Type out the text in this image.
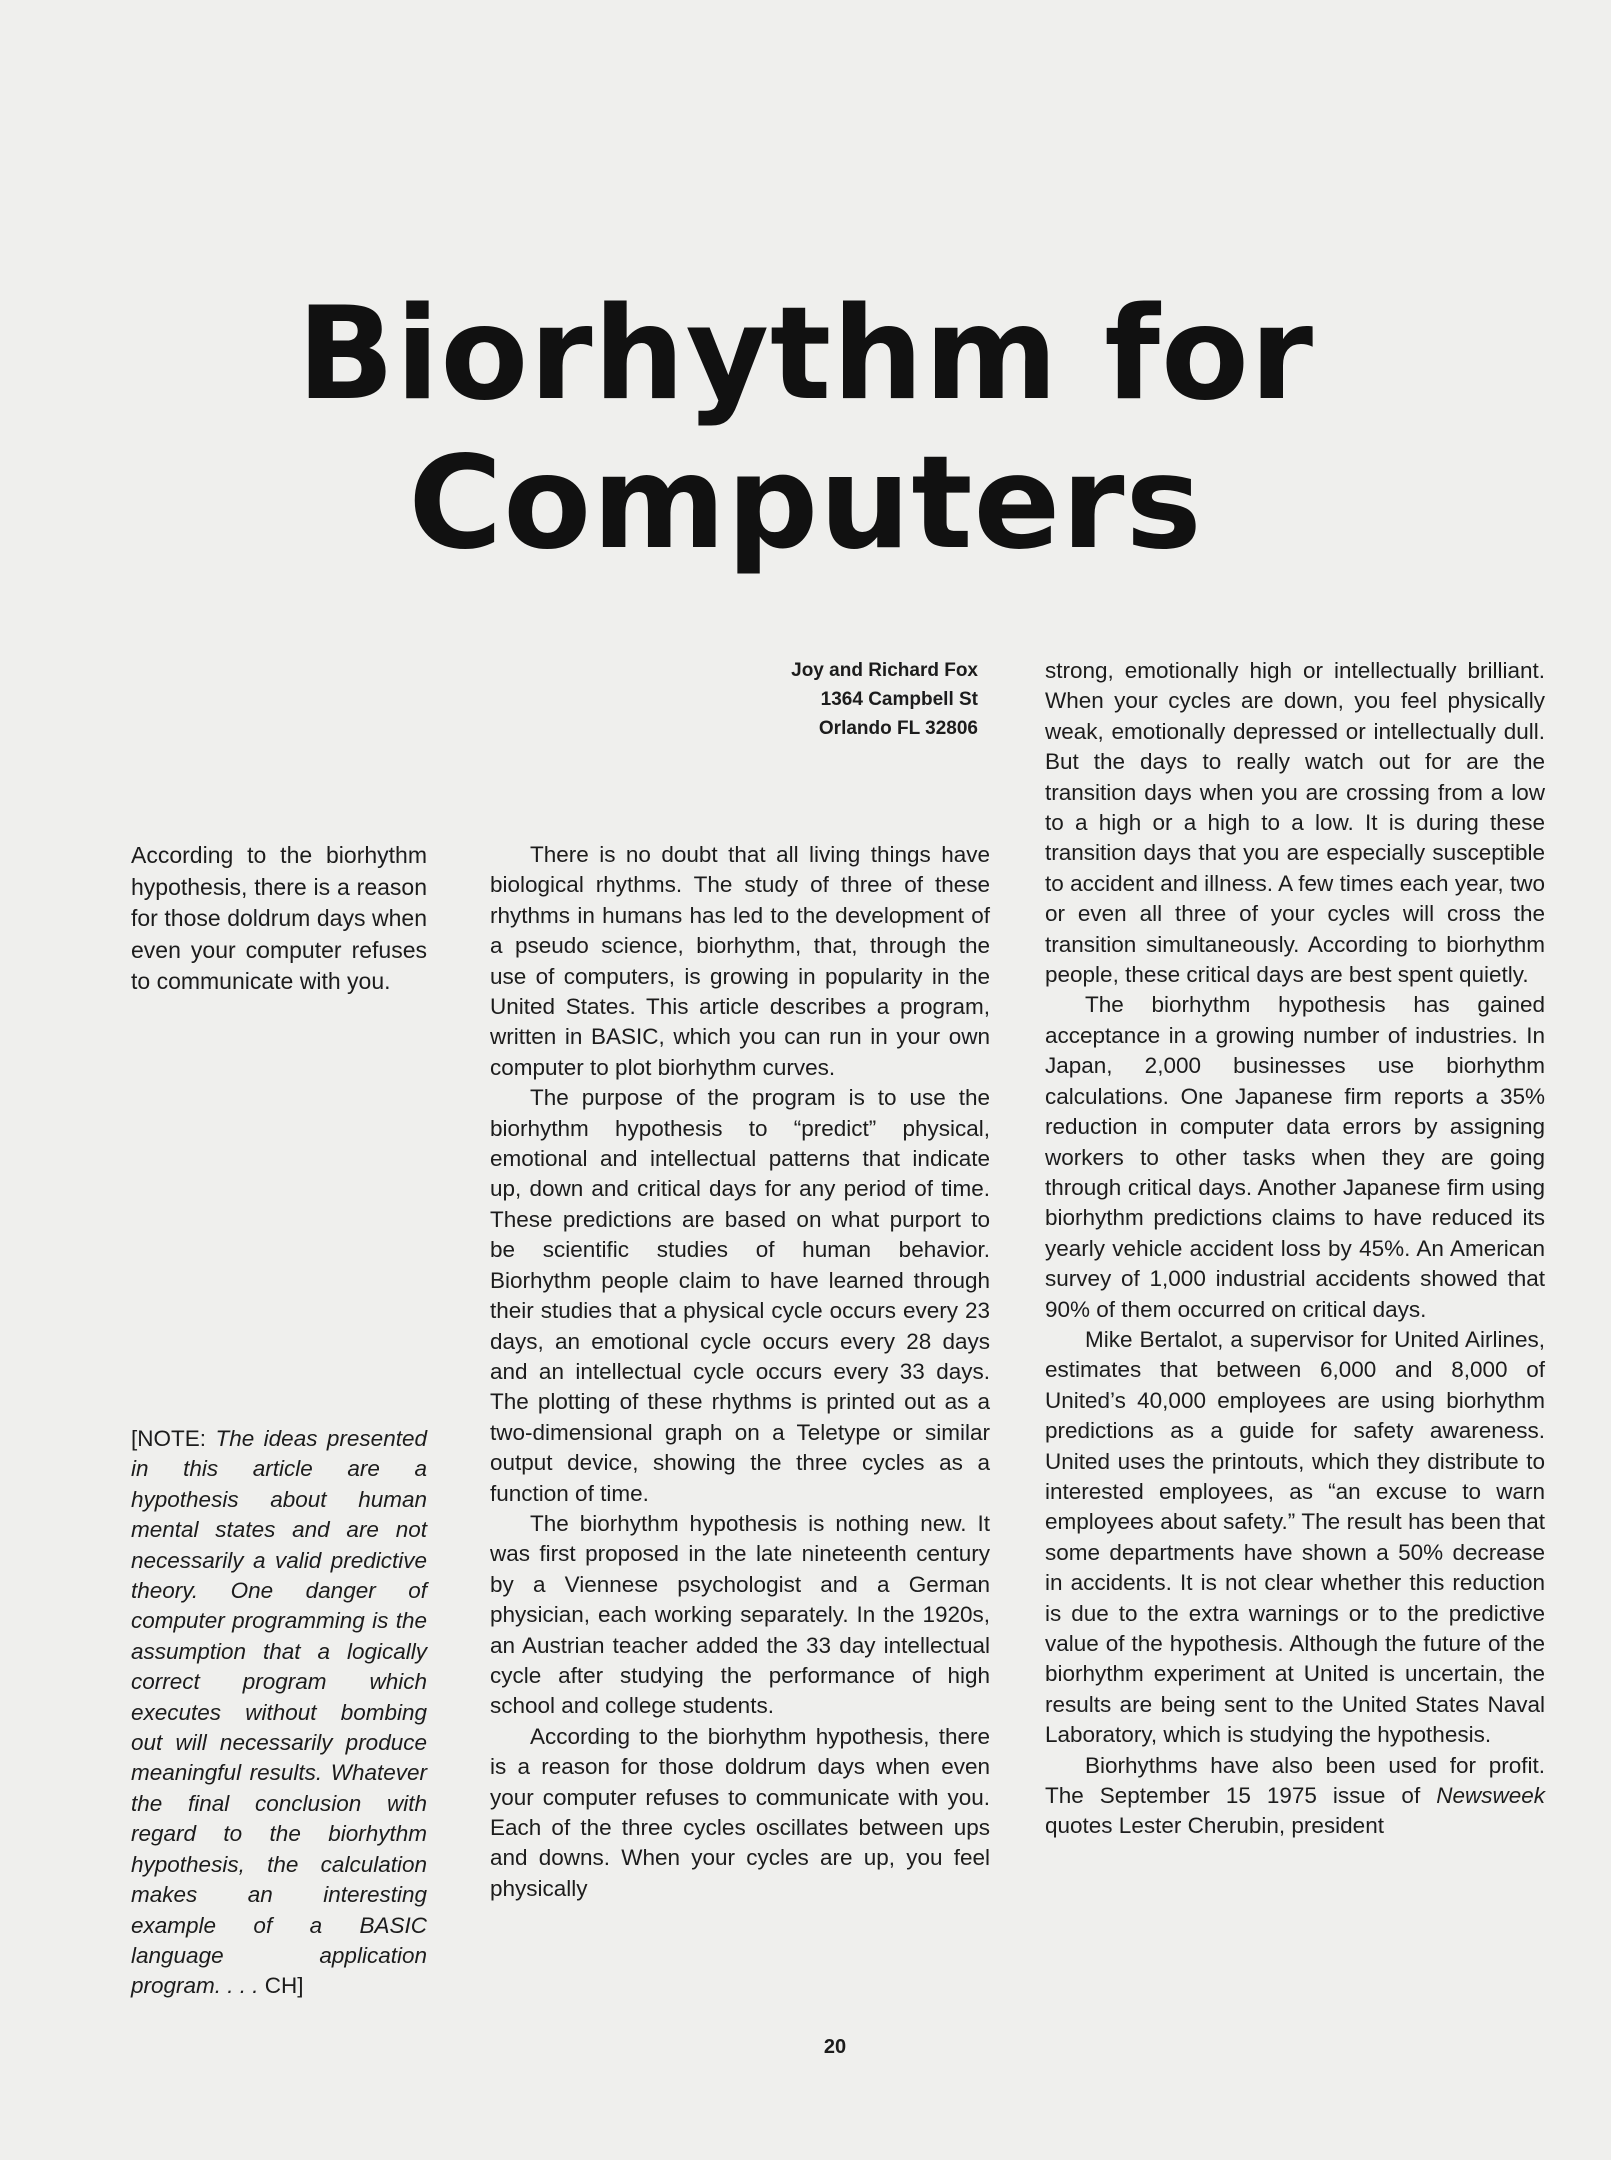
Biorhythm for Computers
Joy and Richard Fox
1364 Campbell St
Orlando FL 32806
According to the biorhythm hypothesis, there is a reason for those doldrum days when even your computer refuses to communicate with you.
[NOTE: The ideas presented in this article are a hypothesis about human mental states and are not necessarily a valid predictive theory. One danger of computer programming is the assumption that a logically correct program which executes without bombing out will necessarily produce meaningful results. Whatever the final conclusion with regard to the biorhythm hypothesis, the calculation makes an interesting example of a BASIC language application program. . . . CH]

There is no doubt that all living things have biological rhythms. The study of three of these rhythms in humans has led to the development of a pseudo science, biorhythm, that, through the use of computers, is growing in popularity in the United States. This article describes a program, written in BASIC, which you can run in your own computer to plot biorhythm curves.

The purpose of the program is to use the biorhythm hypothesis to “predict” physical, emotional and intellectual patterns that indicate up, down and critical days for any period of time. These predictions are based on what purport to be scientific studies of human behavior. Biorhythm people claim to have learned through their studies that a physical cycle occurs every 23 days, an emotional cycle occurs every 28 days and an intellectual cycle occurs every 33 days. The plotting of these rhythms is printed out as a two-dimensional graph on a Teletype or similar output device, showing the three cycles as a function of time.

The biorhythm hypothesis is nothing new. It was first proposed in the late nineteenth century by a Viennese psychologist and a German physician, each working separately. In the 1920s, an Austrian teacher added the 33 day intellectual cycle after studying the performance of high school and college students.

According to the biorhythm hypothesis, there is a reason for those doldrum days when even your computer refuses to communicate with you. Each of the three cycles oscillates between ups and downs. When your cycles are up, you feel physically

strong, emotionally high or intellectually brilliant. When your cycles are down, you feel physically weak, emotionally depressed or intellectually dull. But the days to really watch out for are the transition days when you are crossing from a low to a high or a high to a low. It is during these transition days that you are especially susceptible to accident and illness. A few times each year, two or even all three of your cycles will cross the transition simultaneously. According to biorhythm people, these critical days are best spent quietly.

The biorhythm hypothesis has gained acceptance in a growing number of industries. In Japan, 2,000 businesses use biorhythm calculations. One Japanese firm reports a 35% reduction in computer data errors by assigning workers to other tasks when they are going through critical days. Another Japanese firm using biorhythm predictions claims to have reduced its yearly vehicle accident loss by 45%. An American survey of 1,000 industrial accidents showed that 90% of them occurred on critical days.

Mike Bertalot, a supervisor for United Airlines, estimates that between 6,000 and 8,000 of United’s 40,000 employees are using biorhythm predictions as a guide for safety awareness. United uses the printouts, which they distribute to interested employees, as “an excuse to warn employees about safety.” The result has been that some departments have shown a 50% decrease in accidents. It is not clear whether this reduction is due to the extra warnings or to the predictive value of the hypothesis. Although the future of the biorhythm experiment at United is uncertain, the results are being sent to the United States Naval Laboratory, which is studying the hypothesis.

Biorhythms have also been used for profit. The September 15 1975 issue of Newsweek quotes Lester Cherubin, president

20
